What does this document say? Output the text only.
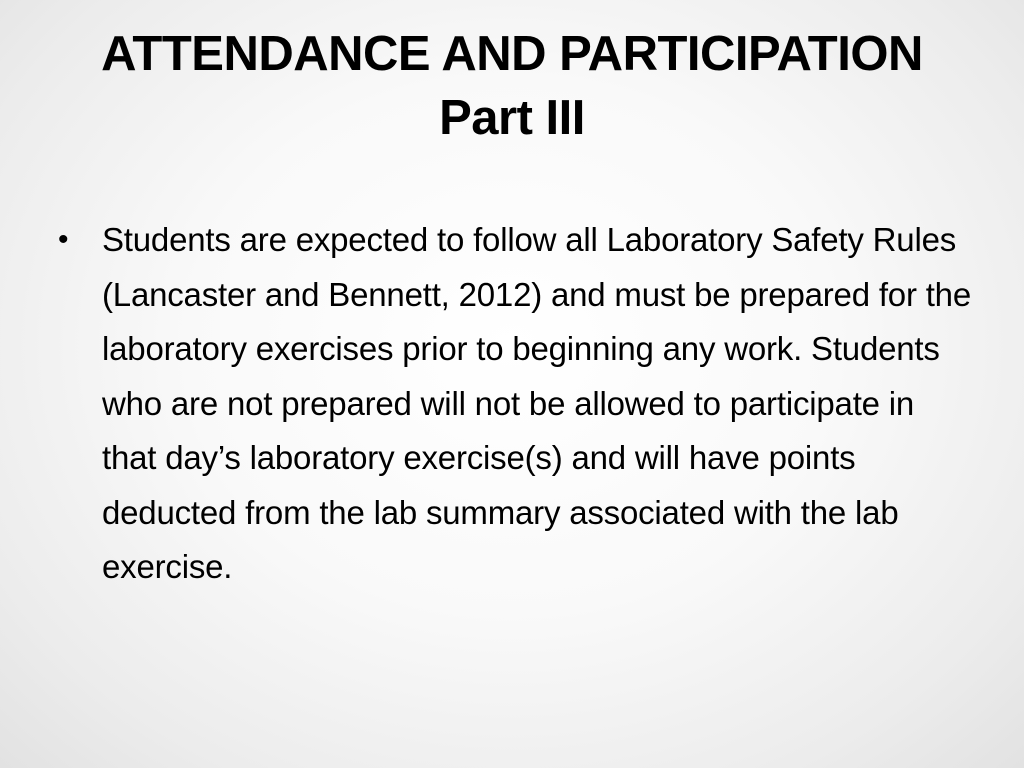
ATTENDANCE AND PARTICIPATION
Part III
•	Students are expected to follow all Laboratory Safety Rules (Lancaster and Bennett, 2012) and must be prepared for the laboratory exercises prior to beginning any work. Students who are not prepared will not be allowed to participate in that day’s laboratory exercise(s) and will have points deducted from the lab summary associated with the lab exercise.
